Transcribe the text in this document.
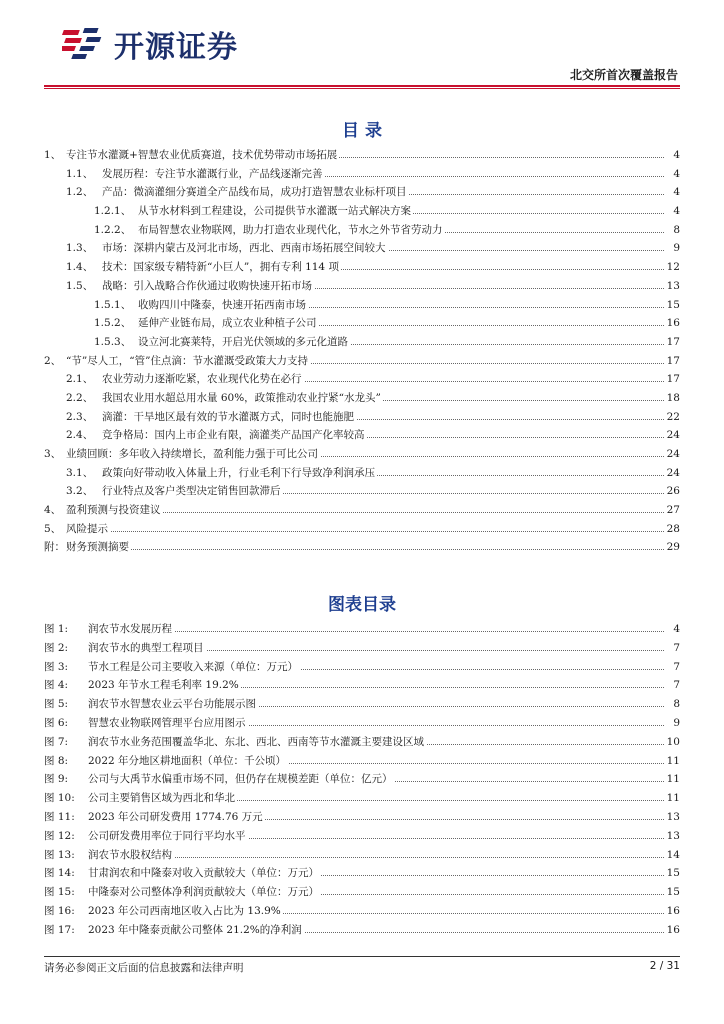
开源证券
北交所首次覆盖报告
目 录
1、 专注节水灌溉+智慧农业优质赛道，技术优势带动市场拓展	4
1.1、 发展历程：专注节水灌溉行业，产品线逐渐完善	4
1.2、 产品：微滴灌细分赛道全产品线布局，成功打造智慧农业标杆项目	4
1.2.1、 从节水材料到工程建设，公司提供节水灌溉一站式解决方案	4
1.2.2、 布局智慧农业物联网，助力打造农业现代化，节水之外节省劳动力	8
1.3、 市场：深耕内蒙古及河北市场，西北、西南市场拓展空间较大	9
1.4、 技术：国家级专精特新“小巨人”，拥有专利 114 项	12
1.5、 战略：引入战略合作伙通过收购快速开拓市场	13
1.5.1、 收购四川中隆泰，快速开拓西南市场	15
1.5.2、 延伸产业链布局，成立农业种植子公司	16
1.5.3、 设立河北赛莱特，开启光伏领域的多元化道路	17
2、 “节”尽人工，“管”住点滴：节水灌溉受政策大力支持	17
2.1、 农业劳动力逐渐吃紧，农业现代化势在必行	17
2.2、 我国农业用水超总用水量 60%，政策推动农业拧紧“水龙头”	18
2.3、 滴灌：干旱地区最有效的节水灌溉方式，同时也能施肥	22
2.4、 竞争格局：国内上市企业有限，滴灌类产品国产化率较高	24
3、 业绩回顾：多年收入持续增长，盈利能力强于可比公司	24
3.1、 政策向好带动收入体量上升，行业毛利下行导致净利润承压	24
3.2、 行业特点及客户类型决定销售回款滞后	26
4、 盈利预测与投资建议	27
5、 风险提示	28
附： 财务预测摘要	29
图表目录
图 1: 润农节水发展历程	4
图 2: 润农节水的典型工程项目	7
图 3: 节水工程是公司主要收入来源（单位：万元）	7
图 4: 2023 年节水工程毛利率 19.2%	7
图 5: 润农节水智慧农业云平台功能展示图	8
图 6: 智慧农业物联网管理平台应用图示	9
图 7: 润农节水业务范围覆盖华北、东北、西北、西南等节水灌溉主要建设区域	10
图 8: 2022 年分地区耕地面积（单位：千公顷）	11
图 9: 公司与大禹节水偏重市场不同，但仍存在规模差距（单位：亿元）	11
图 10: 公司主要销售区域为西北和华北	11
图 11: 2023 年公司研发费用 1774.76 万元	13
图 12: 公司研发费用率位于同行平均水平	13
图 13: 润农节水股权结构	14
图 14: 甘肃润农和中隆泰对收入贡献较大（单位：万元）	15
图 15: 中隆泰对公司整体净利润贡献较大（单位：万元）	15
图 16: 2023 年公司西南地区收入占比为 13.9%	16
图 17: 2023 年中隆泰贡献公司整体 21.2%的净利润	16
请务必参阅正文后面的信息披露和法律声明	2 / 31
